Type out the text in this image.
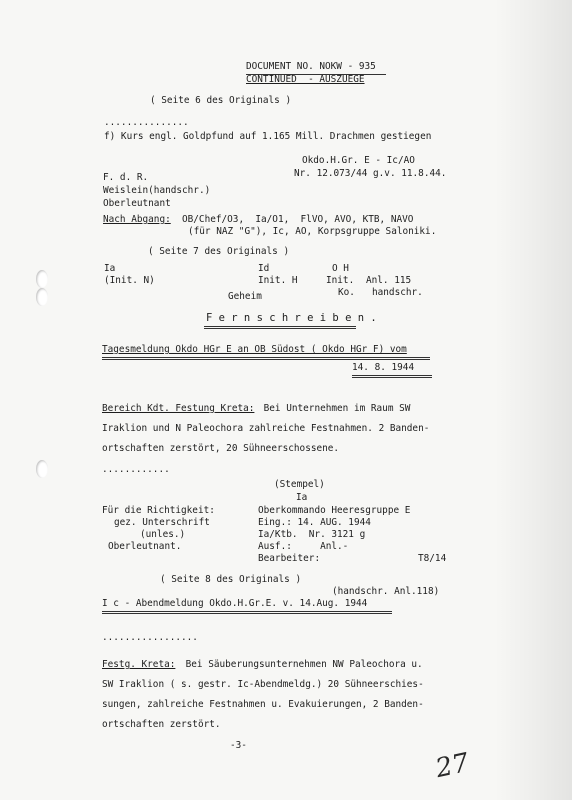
DOCUMENT NO. NOKW - 935
CONTINUED  - AUSZUEGE
( Seite 6 des Originals )
...............
f) Kurs engl. Goldpfund auf 1.165 Mill. Drachmen gestiegen
Okdo.H.Gr. E - Ic/AO
Nr. 12.073/44 g.v. 11.8.44.
F. d. R.
Weislein(handschr.)
Oberleutnant
Nach Abgang: OB/Chef/O3,  Ia/O1,  FlVO, AVO, KTB, NAVO
(für NAZ "G"), Ic, AO, Korpsgruppe Saloniki.
( Seite 7 des Originals )
Ia
(Init. N)
Id
Init. H
O H
Init. Anl. 115
Ko. handschr.
Geheim
F e r n s c h r e i b e n .
Tagesmeldung Okdo HGr E an OB Südost ( Okdo HGr F) vom
14. 8. 1944
Bereich Kdt. Festung Kreta: Bei Unternehmen im Raum SW
Iraklion und N Paleochora zahlreiche Festnahmen. 2 Banden-
ortschaften zerstört, 20 Sühneerschossene.
............
(Stempel)
Ia
Für die Richtigkeit:
gez. Unterschrift
(unles.)
Oberleutnant.
Oberkommando Heeresgruppe E
Eing.: 14. AUG. 1944
Ia/Ktb.  Nr. 3121 g
Ausf.:     Anl.-
Bearbeiter:	T8/14
( Seite 8 des Originals )
(handschr. Anl.118)
I c - Abendmeldung Okdo.H.Gr.E. v. 14.Aug. 1944
.................
Festg. Kreta: Bei Säuberungsunternehmen NW Paleochora u.
SW Iraklion ( s. gestr. Ic-Abendmeldg.) 20 Sühneerschies-
sungen, zahlreiche Festnahmen u. Evakuierungen, 2 Banden-
ortschaften zerstört.
-3-
27
